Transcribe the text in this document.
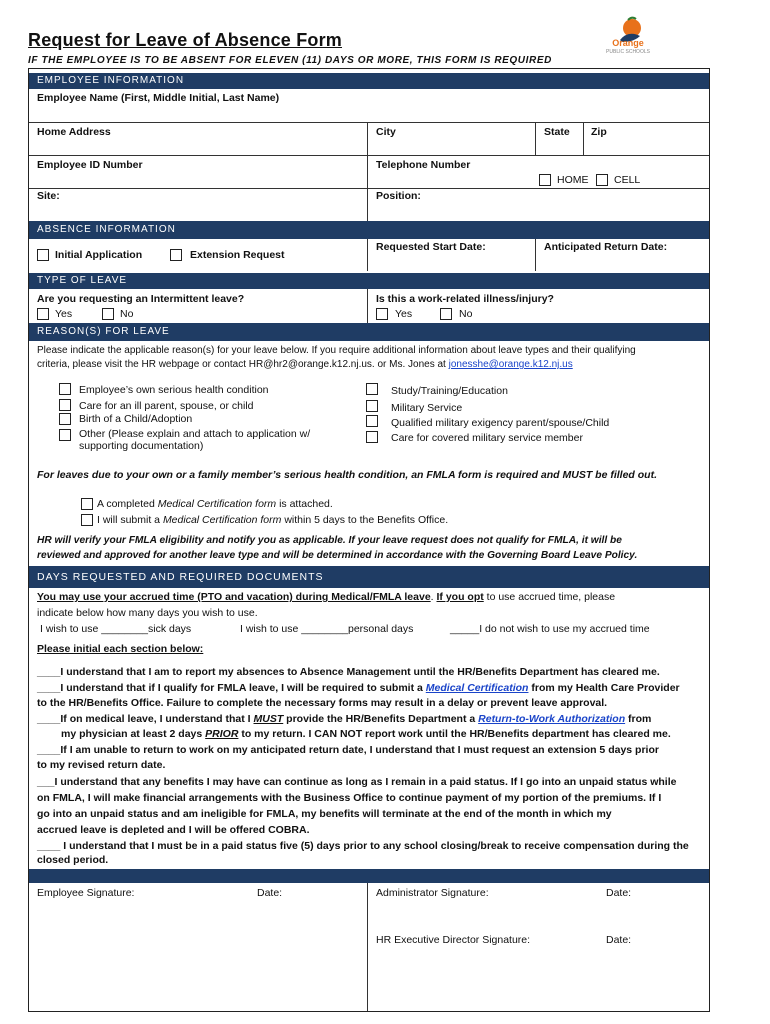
Request for Leave of Absence Form
IF THE EMPLOYEE IS TO BE ABSENT FOR ELEVEN (11) DAYS OR MORE, THIS FORM IS REQUIRED
Orange
PUBLIC SCHOOLS
EMPLOYEE INFORMATION
Employee Name (First, Middle Initial, Last Name)
Home Address	City	State Zip
Employee ID Number	Telephone Number
HOME CELL
Site:	Position:
ABSENCE INFORMATION
Initial Application	Extension Request
Requested Start Date:	Anticipated Return Date:
TYPE OF LEAVE
Are you requesting an Intermittent leave?	Is this a work-related illness/injury?
Yes	No	Yes	No
REASON(S) FOR LEAVE
Please indicate the applicable reason(s) for your leave below. If you require additional information about leave types and their qualifying
criteria, please visit the HR webpage or contact HR@hr2@orange.k12.nj.us. or Ms. Jones at jonesshe@orange.k12.nj.us
Employee’s own serious health condition
Care for an ill parent, spouse, or child
Birth of a Child/Adoption
Other (Please explain and attach to application w/
supporting documentation)
Study/Training/Education
Military Service
Qualified military exigency parent/spouse/Child
Care for covered military service member
For leaves due to your own or a family member’s serious health condition, an FMLA form is required and MUST be filled out.
A completed Medical Certification form is attached.
I will submit a Medical Certification form within 5 days to the Benefits Office.
HR will verify your FMLA eligibility and notify you as applicable. If your leave request does not qualify for FMLA, it will be
reviewed and approved for another leave type and will be determined in accordance with the Governing Board Leave Policy.
DAYS REQUESTED AND REQUIRED DOCUMENTS
You may use your accrued time (PTO and vacation) during Medical/FMLA leave. If you opt to use accrued time, please
indicate below how many days you wish to use.
I wish to use ________sick days	I wish to use ________personal days	_____I do not wish to use my accrued time
Please initial each section below:
____I understand that I am to report my absences to Absence Management until the HR/Benefits Department has cleared me.
____I understand that if I qualify for FMLA leave, I will be required to submit a Medical Certification from my Health Care Provider
to the HR/Benefits Office. Failure to complete the necessary forms may result in a delay or prevent leave approval.
____If on medical leave, I understand that I MUST provide the HR/Benefits Department a Return-to-Work Authorization from
my physician at least 2 days PRIOR to my return. I CAN NOT report work until the HR/Benefits department has cleared me.
____If I am unable to return to work on my anticipated return date, I understand that I must request an extension 5 days prior
to my revised return date.
___I understand that any benefits I may have can continue as long as I remain in a paid status. If I go into an unpaid status while
on FMLA, I will make financial arrangements with the Business Office to continue payment of my portion of the premiums. If I
go into an unpaid status and am ineligible for FMLA, my benefits will terminate at the end of the month in which my
accrued leave is depleted and I will be offered COBRA.
____ I understand that I must be in a paid status five (5) days prior to any school closing/break to receive compensation during the
closed period.
Employee Signature:	Date:	Administrator Signature:	Date:
HR Executive Director Signature:	Date:
